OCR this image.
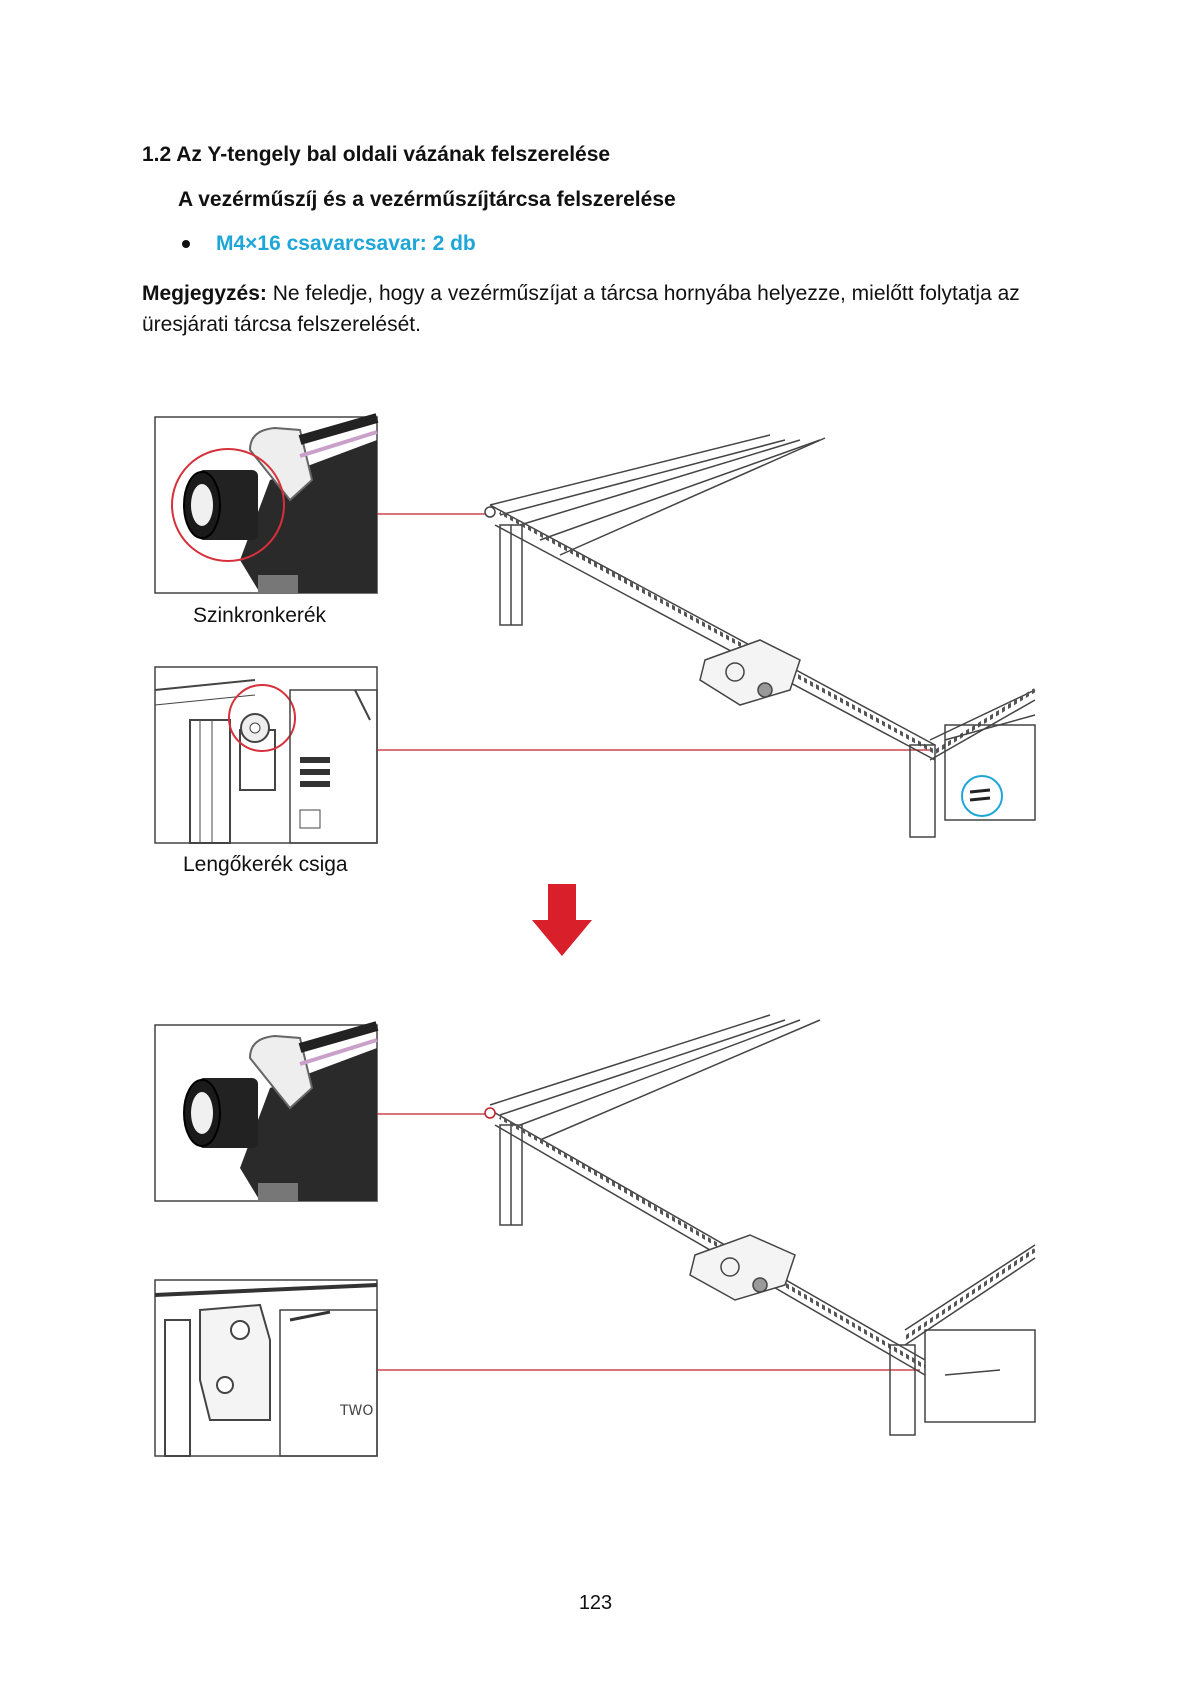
1.2 Az Y-tengely bal oldali vázának felszerelése
A vezérműszíj és a vezérműszíjtárcsa felszerelése
M4×16 csavarcsavar: 2 db

Megjegyzés: Ne feledje, hogy a vezérműszíjat a tárcsa hornyába helyezze, mielőtt folytatja az üresjárati tárcsa felszerelését.

Szinkronkerék
Lengőkerék csiga
TWO
123
